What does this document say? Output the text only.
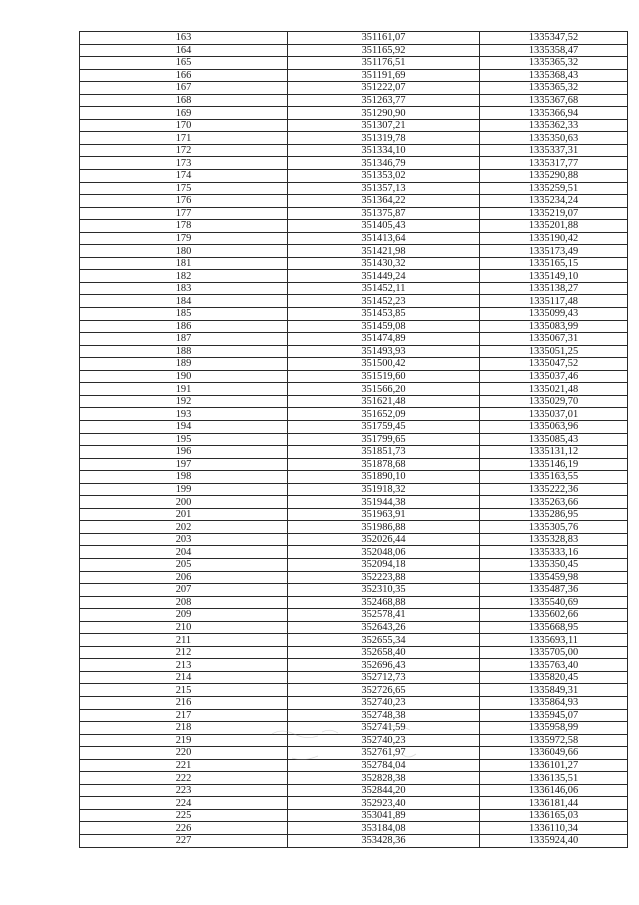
163	351161,07	1335347,52
164	351165,92	1335358,47
165	351176,51	1335365,32
166	351191,69	1335368,43
167	351222,07	1335365,32
168	351263,77	1335367,68
169	351290,90	1335366,94
170	351307,21	1335362,33
171	351319,78	1335350,63
172	351334,10	1335337,31
173	351346,79	1335317,77
174	351353,02	1335290,88
175	351357,13	1335259,51
176	351364,22	1335234,24
177	351375,87	1335219,07
178	351405,43	1335201,88
179	351413,64	1335190,42
180	351421,98	1335173,49
181	351430,32	1335165,15
182	351449,24	1335149,10
183	351452,11	1335138,27
184	351452,23	1335117,48
185	351453,85	1335099,43
186	351459,08	1335083,99
187	351474,89	1335067,31
188	351493,93	1335051,25
189	351500,42	1335047,52
190	351519,60	1335037,46
191	351566,20	1335021,48
192	351621,48	1335029,70
193	351652,09	1335037,01
194	351759,45	1335063,96
195	351799,65	1335085,43
196	351851,73	1335131,12
197	351878,68	1335146,19
198	351890,10	1335163,55
199	351918,32	1335222,36
200	351944,38	1335263,66
201	351963,91	1335286,95
202	351986,88	1335305,76
203	352026,44	1335328,83
204	352048,06	1335333,16
205	352094,18	1335350,45
206	352223,88	1335459,98
207	352310,35	1335487,36
208	352468,88	1335540,69
209	352578,41	1335602,66
210	352643,26	1335668,95
211	352655,34	1335693,11
212	352658,40	1335705,00
213	352696,43	1335763,40
214	352712,73	1335820,45
215	352726,65	1335849,31
216	352740,23	1335864,93
217	352748,38	1335945,07
218	352741,59	1335958,99
219	352740,23	1335972,58
220	352761,97	1336049,66
221	352784,04	1336101,27
222	352828,38	1336135,51
223	352844,20	1336146,06
224	352923,40	1336181,44
225	353041,89	1336165,03
226	353184,08	1336110,34
227	353428,36	1335924,40
